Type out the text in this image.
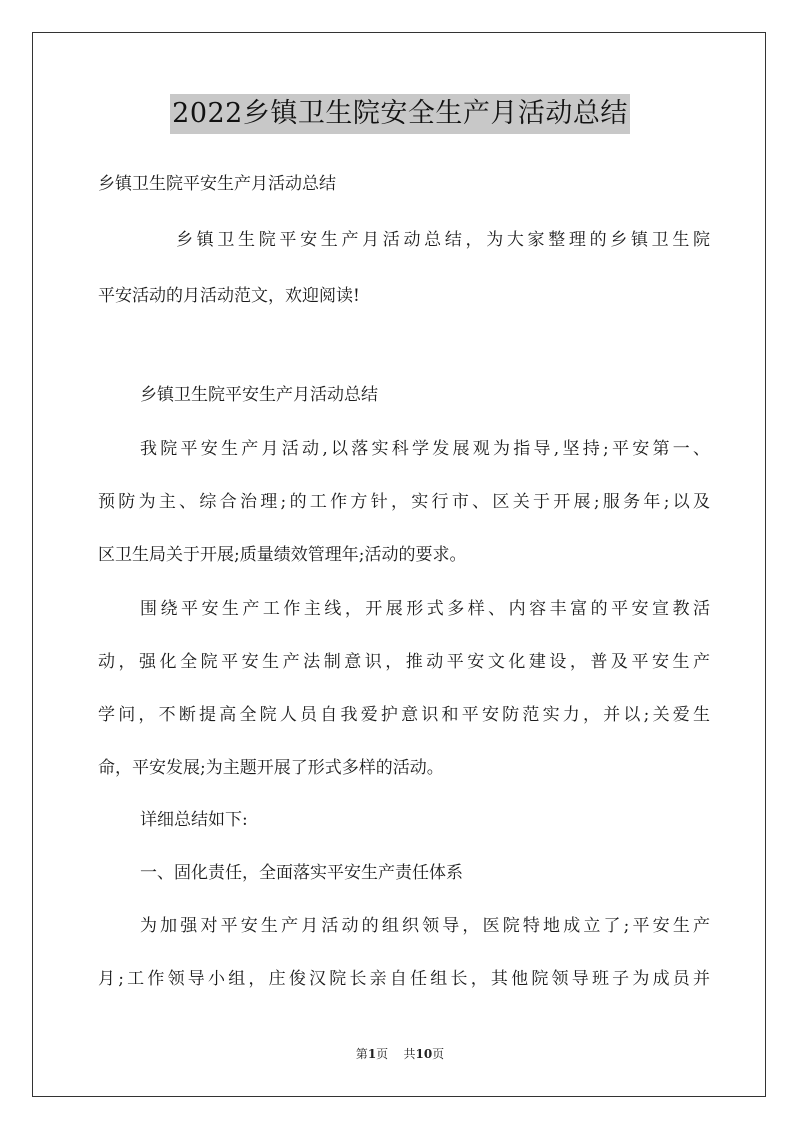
2022乡镇卫生院安全生产月活动总结
乡镇卫生院平安生产月活动总结
乡镇卫生院平安生产月活动总结，为大家整理的乡镇卫生院
平安活动的月活动范文，欢迎阅读!
乡镇卫生院平安生产月活动总结
我院平安生产月活动,以落实科学发展观为指导,坚持;平安第一、
预防为主、综合治理;的工作方针，实行市、区关于开展;服务年;以及
区卫生局关于开展;质量绩效管理年;活动的要求。
围绕平安生产工作主线，开展形式多样、内容丰富的平安宣教活
动，强化全院平安生产法制意识，推动平安文化建设，普及平安生产
学问，不断提高全院人员自我爱护意识和平安防范实力，并以;关爱生
命，平安发展;为主题开展了形式多样的活动。
详细总结如下:
一、固化责任，全面落实平安生产责任体系
为加强对平安生产月活动的组织领导，医院特地成立了;平安生产
月;工作领导小组，庄俊汉院长亲自任组长，其他院领导班子为成员并
第1页 共10页
